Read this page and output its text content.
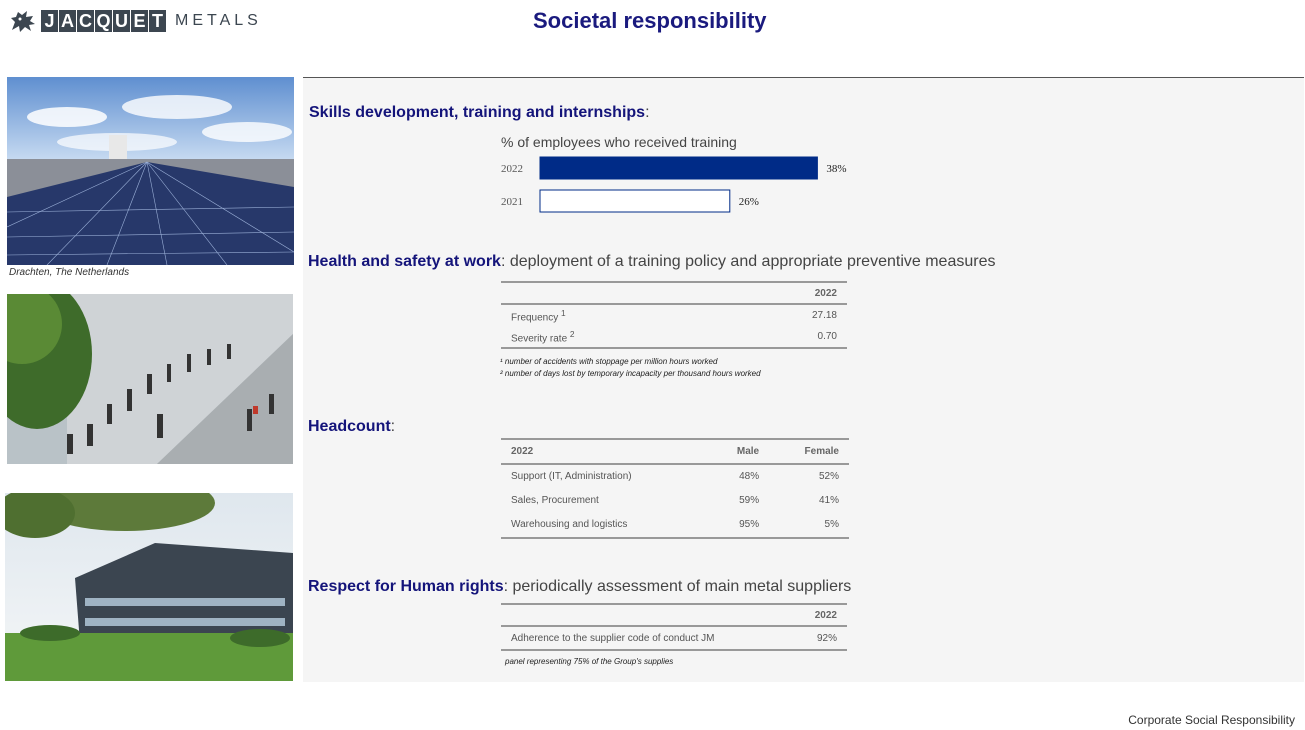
J A C Q U E T METALS	Societal responsibility
Drachten, The Netherlands
Skills development, training and internships:
% of employees who received training
2022	38%
2021	26%
Health and safety at work: deployment of a training policy and appropriate preventive measures
	2022
Frequency $^1$	27.18
Severity rate $^2$	0.70
¹ number of accidents with stoppage per million hours worked
² number of days lost by temporary incapacity per thousand hours worked
Headcount:
2022	Male	Female
Support (IT, Administration)	48%	52%
Sales, Procurement	59%	41%
Warehousing and logistics	95%	5%
Respect for Human rights: periodically assessment of main metal suppliers
	2022
Adherence to the supplier code of conduct JM	92%
panel representing 75% of the Group's supplies
Corporate Social Responsibility
